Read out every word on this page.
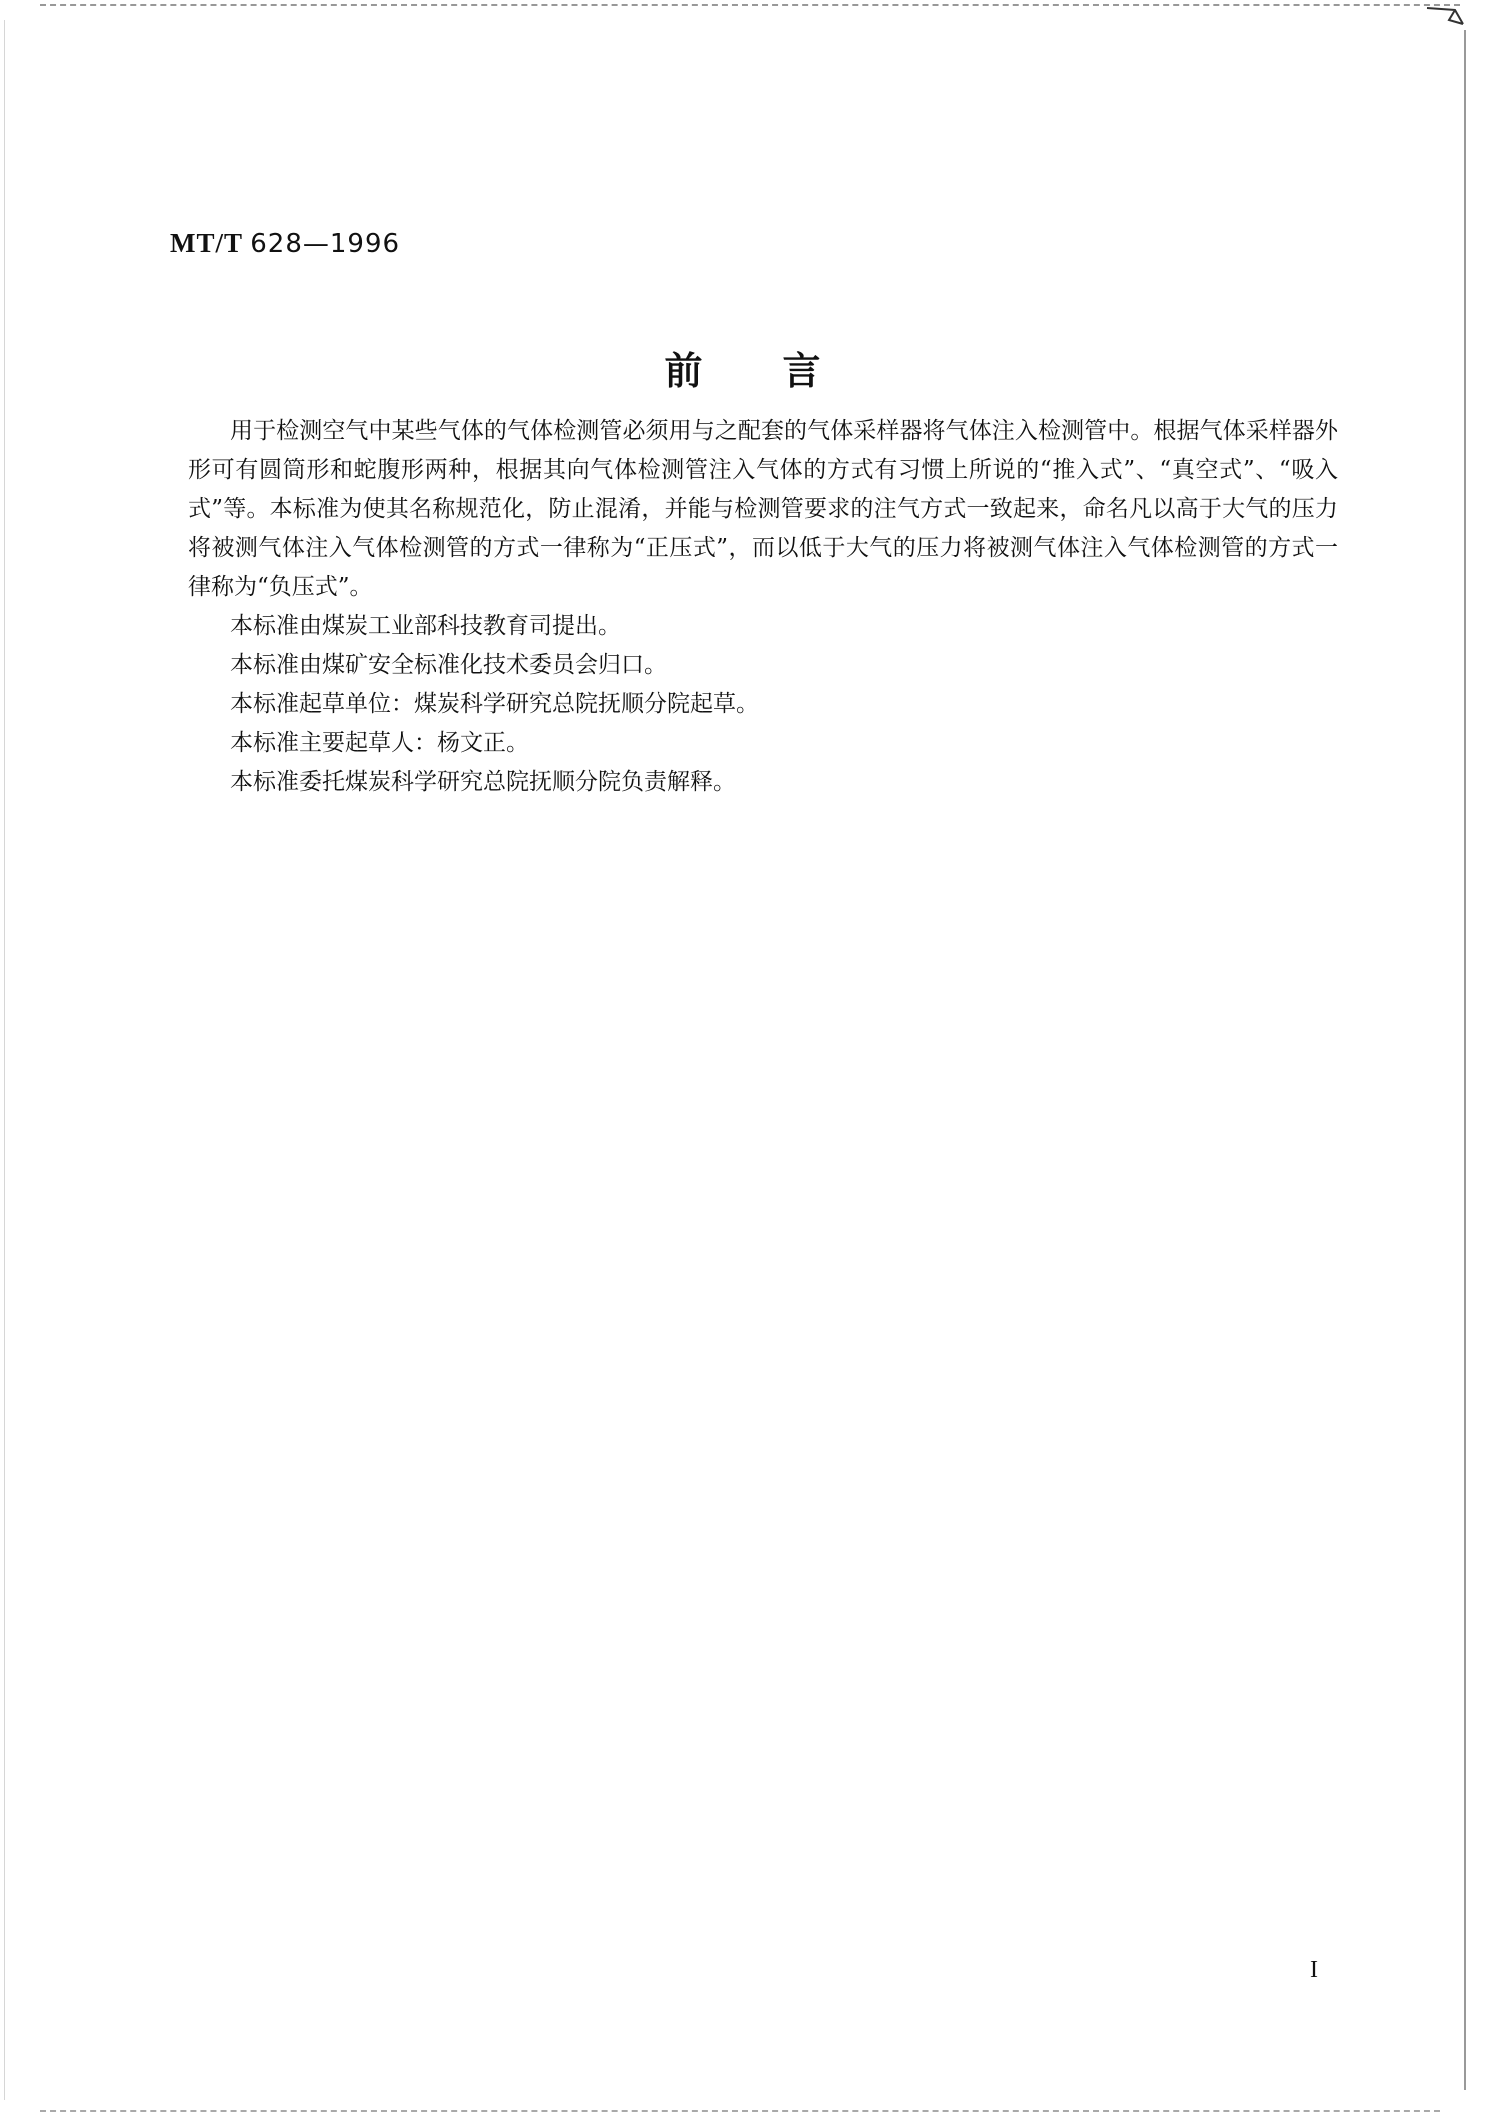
MT/T 628—1996
前言

用于检测空气中某些气体的气体检测管必须用与之配套的气体采样器将气体注入检测管中。根据气体采样器外形可有圆筒形和蛇腹形两种，根据其向气体检测管注入气体的方式有习惯上所说的“推入式”、“真空式”、“吸入式”等。本标准为使其名称规范化，防止混淆，并能与检测管要求的注气方式一致起来，命名凡以高于大气的压力将被测气体注入气体检测管的方式一律称为“正压式”，而以低于大气的压力将被测气体注入气体检测管的方式一律称为“负压式”。

本标准由煤炭工业部科技教育司提出。

本标准由煤矿安全标准化技术委员会归口。

本标准起草单位：煤炭科学研究总院抚顺分院起草。

本标准主要起草人：杨文正。

本标准委托煤炭科学研究总院抚顺分院负责解释。

I
